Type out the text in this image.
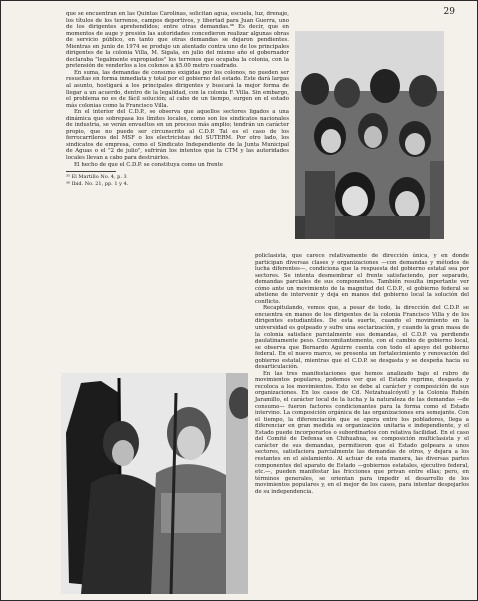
29

que se encuentran en las Quintas Carolinas, solicitan agua, escuela, luz, drenaje, los títulos de los terrenos, campos deportivos, y libertad para Juan Guerra, uno de los dirigentes aprehendidos; entre otras demandas.³⁶ Es decir, que en momentos de auge y presión las autoridades concedieron realizar algunas obras de servicio público, en tanto que otras demandas se dejaron pendientes. Mientras en junio de 1974 se produjo un atentado contra uno de los principales dirigentes de la colonia Villa, M. Sigala, en julio del mismo año el gobernador declaraba "legalmente expropiados" los terrenos que ocupaba la colonia, con la pretensión de venderlos a los colonos a $5.00 metro cuadrado.

En suma, las demandas de consumo exigidas por los colonos, no pueden ser resueltas en forma inmediata y total por el gobierno del estado. Este dará largas al asunto, hostigará a los principales dirigentes y buscará la mejor forma de llegar a un acuerdo, dentro de la legalidad, con la colonia F. Villa. Sin embargo, el problema no es de fácil solución; al cabo de un tiempo, surgen en el estado más colonias como la Francisco Villa.

En el interior del C.D.P., se observa que aquellos sectores ligados a una dinámica que sobrepasa los límites locales, como son los sindicatos nacionales de industria, se verán envueltos en un proceso más amplio; tendrán un carácter propio, que no puede ser circunscrito al C.D.P. Tal es el caso de los ferrocarrileros del MSF o los electricistas del SUTERM. Por otro lado, los sindicatos de empresa, como el Sindicato Independiente de la Junta Municipal de Aguas o el "2 de julio", sufrirán los intentos que la CTM y las autoridades locales llevan a cabo para destruirlos.

El hecho de que el C.D.P. se constituya como un frente

³⁵ El Martillo No. 4, p. 3

³⁶ Ibid. No. 21, pp. 1 y 4.

policlasista, que carece relativamente de dirección única, y en donde participan diversas clases y organizaciones —con demandas y métodos de lucha diferentes—, condiciona que la respuesta del gobierno estatal sea por sectores. Se intenta desmembrar el frente satisfaciendo, por separado, demandas parciales de sus componentes. También resulta importante ver cómo ante un movimiento de la magnitud del C.D.P., el gobierno federal se abstiene de intervenir y deja en manos del gobierno local la solución del conflicto.

Recapitulando, vemos que, a pesar de todo, la dirección del C.D.P. se encuentra en manos de los dirigentes de la colonia Francisco Villa y de los dirigentes estudiantiles. De esta suerte, cuando el movimiento en la universidad es golpeado y sufre una sectarización, y cuando la gran masa de la colonia satisface parcialmente sus demandas, el C.D.P. va perdiendo paulatinamente peso. Concomitantemente, con el cambio de gobierno local, se observa que Bernardo Aguirre cuenta con todo el apoyo del gobierno federal. En el nuevo marco, se presenta un fortalecimiento y renovación del gobierno estatal, mientras que el C.D.P. se desgasta y se despeña hacia su desarticulación.

En las tres manifestaciones que hemos analizado bajo el rubro de movimientos populares, podemos ver que el Estado reprime, desgasta y recoloca a los movimientos. Esto se debe al carácter y composición de sus organizaciones. En los casos de Cd. Netzahualcóyotl y la Colonia Rubén Jaramillo, el carácter local de la lucha y la naturaleza de las demandas —de consumo— fueron factores condicionantes para la forma como el Estado intervino. La composición orgánica de las organizaciones era semejante. Con el tiempo, la diferenciación que se opera entre los pobladores, llega a diferenciar en gran medida su organización unitaria e independiente, y el Estado puede incorporarlos o subordinarlos con relativa facilidad. En el caso del Comité de Defensa en Chihuahua, su composición multiclasista y el carácter de sus demandas, permitieron que el Estado golpeara a unos sectores, satisfaciera parcialmente las demandas de otros, y dejara a los restantes en el aislamiento. Al actuar de esta manera, las diversas partes componentes del aparato de Estado —gobiernos estatales, ejecutivo federal, etc.—, pueden manifestar las fricciones que privan entre ellas; pero, en términos generales, se orientan para impedir el desarrollo de los movimientos populares y, en el mejor de los casos, para intentar despojarlos de su independencia.
